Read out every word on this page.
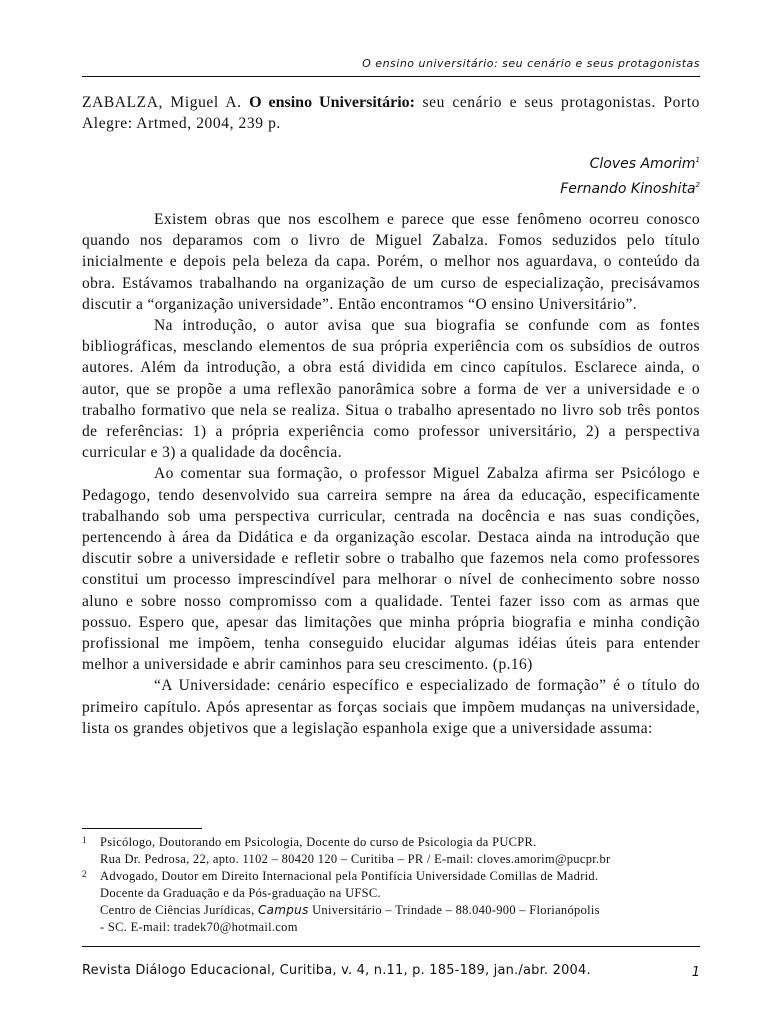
O ensino universitário: seu cenário e seus protagonistas
ZABALZA, Miguel A. O ensino Universitário: seu cenário e seus protagonistas. Porto Alegre: Artmed, 2004, 239 p.
Cloves Amorim$^1$
Fernando Kinoshita$^2$

Existem obras que nos escolhem e parece que esse fenômeno ocorreu conosco quando nos deparamos com o livro de Miguel Zabalza. Fomos seduzidos pelo título inicialmente e depois pela beleza da capa. Porém, o melhor nos aguardava, o conteúdo da obra. Estávamos trabalhando na organização de um curso de especialização, precisávamos discutir a “organização universidade”. Então encontramos “O ensino Universitário”.

Na introdução, o autor avisa que sua biografia se confunde com as fontes bibliográficas, mesclando elementos de sua própria experiência com os subsídios de outros autores. Além da introdução, a obra está dividida em cinco capítulos. Esclarece ainda, o autor, que se propõe a uma reflexão panorâmica sobre a forma de ver a universidade e o trabalho formativo que nela se realiza. Situa o trabalho apresentado no livro sob três pontos de referências: 1) a própria experiência como professor universitário, 2) a perspectiva curricular e 3) a qualidade da docência.

Ao comentar sua formação, o professor Miguel Zabalza afirma ser Psicólogo e Pedagogo, tendo desenvolvido sua carreira sempre na área da educação, especificamente trabalhando sob uma perspectiva curricular, centrada na docência e nas suas condições, pertencendo à área da Didática e da organização escolar. Destaca ainda na introdução que discutir sobre a universidade e refletir sobre o trabalho que fazemos nela como professores constitui um processo imprescindível para melhorar o nível de conhecimento sobre nosso aluno e sobre nosso compromisso com a qualidade. Tentei fazer isso com as armas que possuo. Espero que, apesar das limitações que minha própria biografia e minha condição profissional me impõem, tenha conseguido elucidar algumas idéias úteis para entender melhor a universidade e abrir caminhos para seu crescimento. (p.16)

“A Universidade: cenário específico e especializado de formação” é o título do primeiro capítulo. Após apresentar as forças sociais que impõem mudanças na universidade, lista os grandes objetivos que a legislação espanhola exige que a universidade assuma:

1 Psicólogo, Doutorando em Psicologia, Docente do curso de Psicologia da PUCPR.
Rua Dr. Pedrosa, 22, apto. 1102 – 80420 120 – Curitiba – PR / E-mail: cloves.amorim@pucpr.br
2 Advogado, Doutor em Direito Internacional pela Pontifícia Universidade Comillas de Madrid.
Docente da Graduação e da Pós-graduação na UFSC.
Centro de Ciências Jurídicas, Campus Universitário – Trindade – 88.040-900 – Florianópolis
- SC. E-mail: tradek70@hotmail.com
Revista Diálogo Educacional, Curitiba, v. 4, n.11, p. 185-189, jan./abr. 2004.	1
